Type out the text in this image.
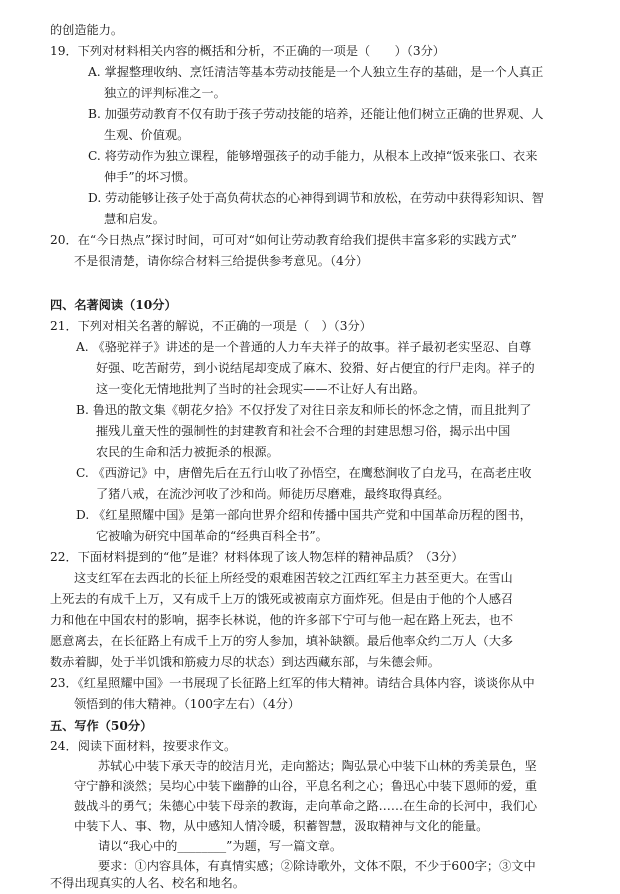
的创造能力。
19．下列对材料相关内容的概括和分析，不正确的一项是（　　）（3分）
A. 掌握整理收纳、烹饪清洁等基本劳动技能是一个人独立生存的基础，是一个人真正
独立的评判标准之一。
B. 加强劳动教育不仅有助于孩子劳动技能的培养，还能让他们树立正确的世界观、人
生观、价值观。
C. 将劳动作为独立课程，能够增强孩子的动手能力，从根本上改掉“饭来张口、衣来
伸手”的坏习惯。
D. 劳动能够让孩子处于高负荷状态的心神得到调节和放松，在劳动中获得彩知识、智
慧和启发。
20．在“今日热点”探讨时间，可可对“如何让劳动教育给我们提供丰富多彩的实践方式”
不是很清楚，请你综合材料三给提供参考意见。（4分）
四、名著阅读（10分）
21．下列对相关名著的解说，不正确的一项是（　）（3分）
A. 《骆驼祥子》讲述的是一个普通的人力车夫祥子的故事。祥子最初老实坚忍、自尊
好强、吃苦耐劳，到小说结尾却变成了麻木、狡猾、好占便宜的行尸走肉。祥子的
这一变化无情地批判了当时的社会现实——不让好人有出路。
B. 鲁迅的散文集《朝花夕拾》不仅抒发了对往日亲友和师长的怀念之情，而且批判了
摧残儿童天性的强制性的封建教育和社会不合理的封建思想习俗，揭示出中国
农民的生命和活力被扼杀的根源。
C. 《西游记》中，唐僧先后在五行山收了孙悟空，在鹰愁涧收了白龙马，在高老庄收
了猪八戒，在流沙河收了沙和尚。师徒历尽磨难，最终取得真经。
D. 《红星照耀中国》是第一部向世界介绍和传播中国共产党和中国革命历程的图书，
它被喻为研究中国革命的“经典百科全书”。
22．下面材料提到的“他”是谁？材料体现了该人物怎样的精神品质？（3分）
这支红军在去西北的长征上所经受的艰难困苦较之江西红军主力甚至更大。在雪山
上死去的有成千上万，又有成千上万的饿死或被南京方面炸死。但是由于他的个人感召
力和他在中国农村的影响，据李长林说，他的许多部下宁可与他一起在路上死去，也不
愿意离去，在长征路上有成千上万的穷人参加，填补缺额。最后他率众约二万人（大多
数赤着脚，处于半饥饿和筋疲力尽的状态）到达西藏东部，与朱德会师。
23．《红星照耀中国》一书展现了长征路上红军的伟大精神。请结合具体内容，谈谈你从中
领悟到的伟大精神。（100字左右）（4分）
五、写作（50分）
24．阅读下面材料，按要求作文。
苏轼心中装下承天寺的皎洁月光，走向豁达；陶弘景心中装下山林的秀美景色，坚
守宁静和淡然；吴均心中装下幽静的山谷，平息名利之心；鲁迅心中装下恩师的爱，重
鼓战斗的勇气；朱德心中装下母亲的教诲，走向革命之路……在生命的长河中，我们心
中装下人、事、物，从中感知人情冷暖，积蓄智慧，汲取精神与文化的能量。
请以“我心中的________”为题，写一篇文章。
要求：①内容具体，有真情实感；②除诗歌外，文体不限，不少于600字；③文中
不得出现真实的人名、校名和地名。
